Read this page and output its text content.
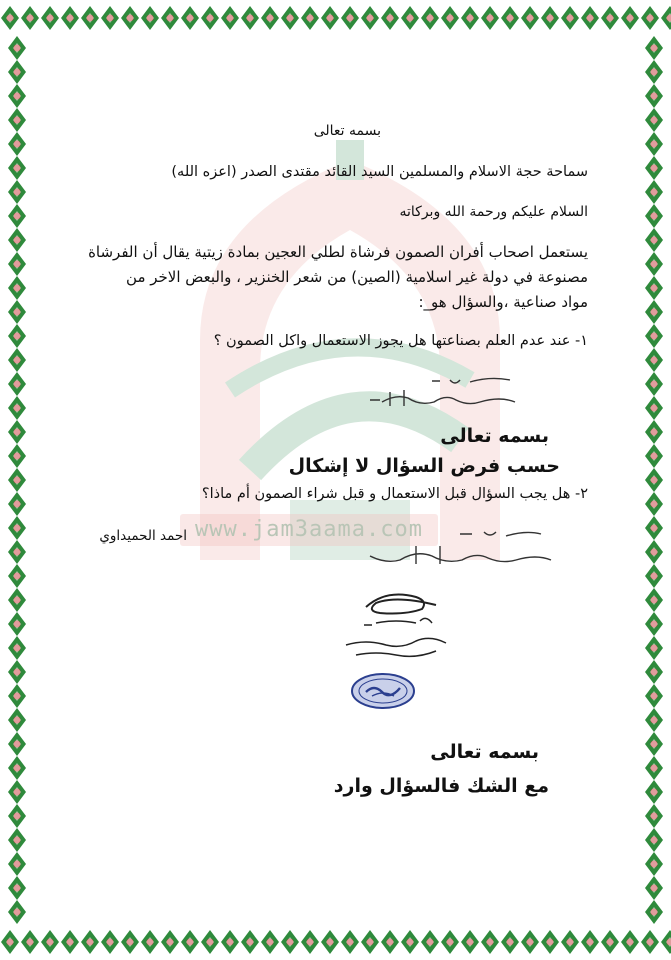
www.jam3aama.com
بسمه تعالى
سماحة حجة الاسلام والمسلمين السيد القائد مقتدى الصدر (اعزه الله)
السلام عليكم ورحمة الله وبركاته
يستعمل اصحاب أفران الصمون فرشاة لطلي العجين بمادة زيتية يقال أن الفرشاة
مصنوعة في دولة غير اسلامية (الصين) من شعر الخنزير ، والبعض الاخر من
مواد صناعية ،والسؤال هو_:
١- عند عدم العلم بصناعتها هل يجوز الاستعمال واكل الصمون ؟
بسمه تعالى
حسب فرض السؤال لا إشكال
٢- هل يجب السؤال قبل الاستعمال و قبل شراء الصمون أم ماذا؟
احمد الحميداوي
بسمه تعالى
مع الشك فالسؤال وارد
